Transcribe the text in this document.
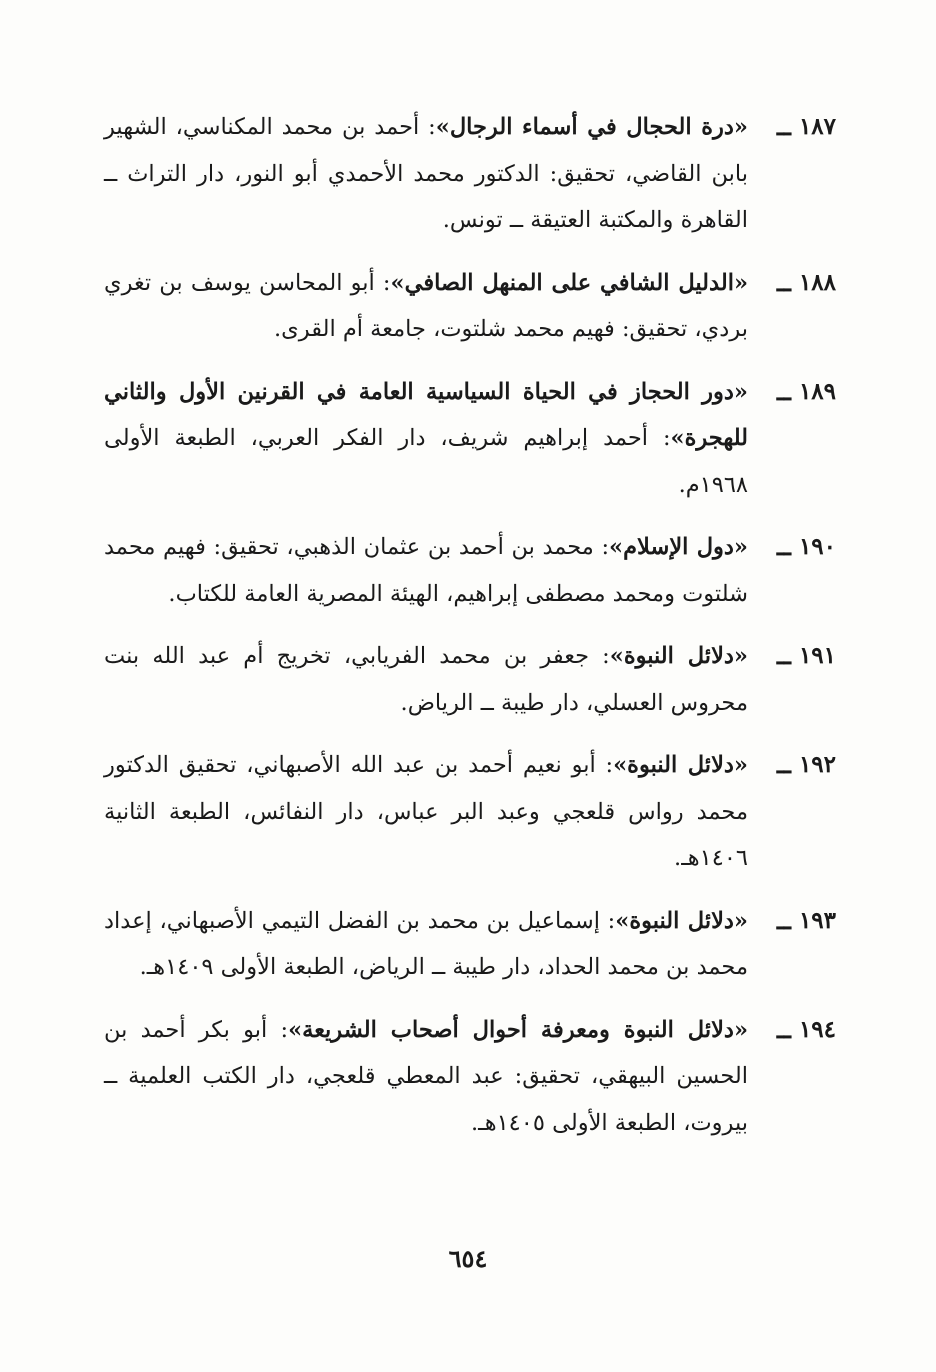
١٨٧
ــ
«درة الحجال في أسماء الرجال»: أحمد بن محمد المكناسي، الشهير بابن القاضي، تحقيق: الدكتور محمد الأحمدي أبو النور، دار التراث ــ القاهرة والمكتبة العتيقة ــ تونس.
١٨٨
ــ
«الدليل الشافي على المنهل الصافي»: أبو المحاسن يوسف بن تغري بردي، تحقيق: فهيم محمد شلتوت، جامعة أم القرى.
١٨٩
ــ
«دور الحجاز في الحياة السياسية العامة في القرنين الأول والثاني للهجرة»: أحمد إبراهيم شريف، دار الفكر العربي، الطبعة الأولى ١٩٦٨م.
١٩٠
ــ
«دول الإسلام»: محمد بن أحمد بن عثمان الذهبي، تحقيق: فهيم محمد شلتوت ومحمد مصطفى إبراهيم، الهيئة المصرية العامة للكتاب.
١٩١
ــ
«دلائل النبوة»: جعفر بن محمد الفريابي، تخريج أم عبد الله بنت محروس العسلي، دار طيبة ــ الرياض.
١٩٢
ــ
«دلائل النبوة»: أبو نعيم أحمد بن عبد الله الأصبهاني، تحقيق الدكتور محمد رواس قلعجي وعبد البر عباس، دار النفائس، الطبعة الثانية ١٤٠٦هـ.
١٩٣
ــ
«دلائل النبوة»: إسماعيل بن محمد بن الفضل التيمي الأصبهاني، إعداد محمد بن محمد الحداد، دار طيبة ــ الرياض، الطبعة الأولى ١٤٠٩هـ.
١٩٤
ــ
«دلائل النبوة ومعرفة أحوال أصحاب الشريعة»: أبو بكر أحمد بن الحسين البيهقي، تحقيق: عبد المعطي قلعجي، دار الكتب العلمية ــ بيروت، الطبعة الأولى ١٤٠٥هـ.
٦٥٤
